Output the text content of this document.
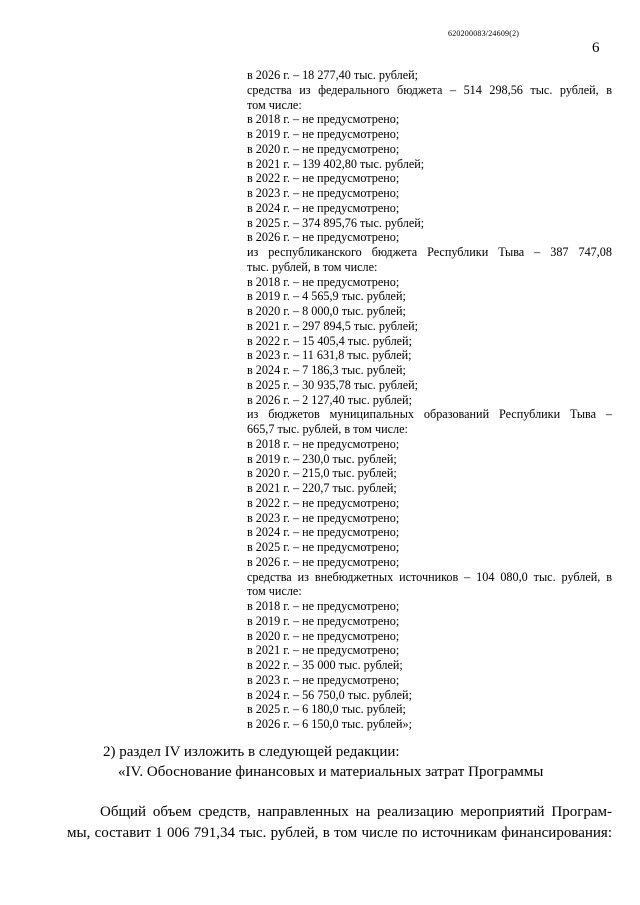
620200083/24609(2)
6
в 2026 г. – 18 277,40 тыс. рублей;
средства из федерального бюджета – 514 298,56 тыс. рублей, в
том числе:
в 2018 г. – не предусмотрено;
в 2019 г. – не предусмотрено;
в 2020 г. – не предусмотрено;
в 2021 г. – 139 402,80 тыс. рублей;
в 2022 г. – не предусмотрено;
в 2023 г. – не предусмотрено;
в 2024 г. – не предусмотрено;
в 2025 г. – 374 895,76 тыс. рублей;
в 2026 г. – не предусмотрено;
из республиканского бюджета Республики Тыва – 387 747,08
тыс. рублей, в том числе:
в 2018 г. – не предусмотрено;
в 2019 г. – 4 565,9 тыс. рублей;
в 2020 г. – 8 000,0 тыс. рублей;
в 2021 г. – 297 894,5 тыс. рублей;
в 2022 г. – 15 405,4 тыс. рублей;
в 2023 г. – 11 631,8 тыс. рублей;
в 2024 г. – 7 186,3 тыс. рублей;
в 2025 г. – 30 935,78 тыс. рублей;
в 2026 г. – 2 127,40 тыс. рублей;
из бюджетов муниципальных образований Республики Тыва –
665,7 тыс. рублей, в том числе:
в 2018 г. – не предусмотрено;
в 2019 г. – 230,0 тыс. рублей;
в 2020 г. – 215,0 тыс. рублей;
в 2021 г. – 220,7 тыс. рублей;
в 2022 г. – не предусмотрено;
в 2023 г. – не предусмотрено;
в 2024 г. – не предусмотрено;
в 2025 г. – не предусмотрено;
в 2026 г. – не предусмотрено;
средства из внебюджетных источников – 104 080,0 тыс. рублей, в
том числе:
в 2018 г. – не предусмотрено;
в 2019 г. – не предусмотрено;
в 2020 г. – не предусмотрено;
в 2021 г. – не предусмотрено;
в 2022 г. – 35 000 тыс. рублей;
в 2023 г. – не предусмотрено;
в 2024 г. – 56 750,0 тыс. рублей;
в 2025 г. – 6 180,0 тыс. рублей;
в 2026 г. – 6 150,0 тыс. рублей»;
2) раздел IV изложить в следующей редакции:
«IV. Обоснование финансовых и материальных затрат Программы
Общий объем средств, направленных на реализацию мероприятий Програм-
мы, составит 1 006 791,34 тыс. рублей, в том числе по источникам финансирования:
